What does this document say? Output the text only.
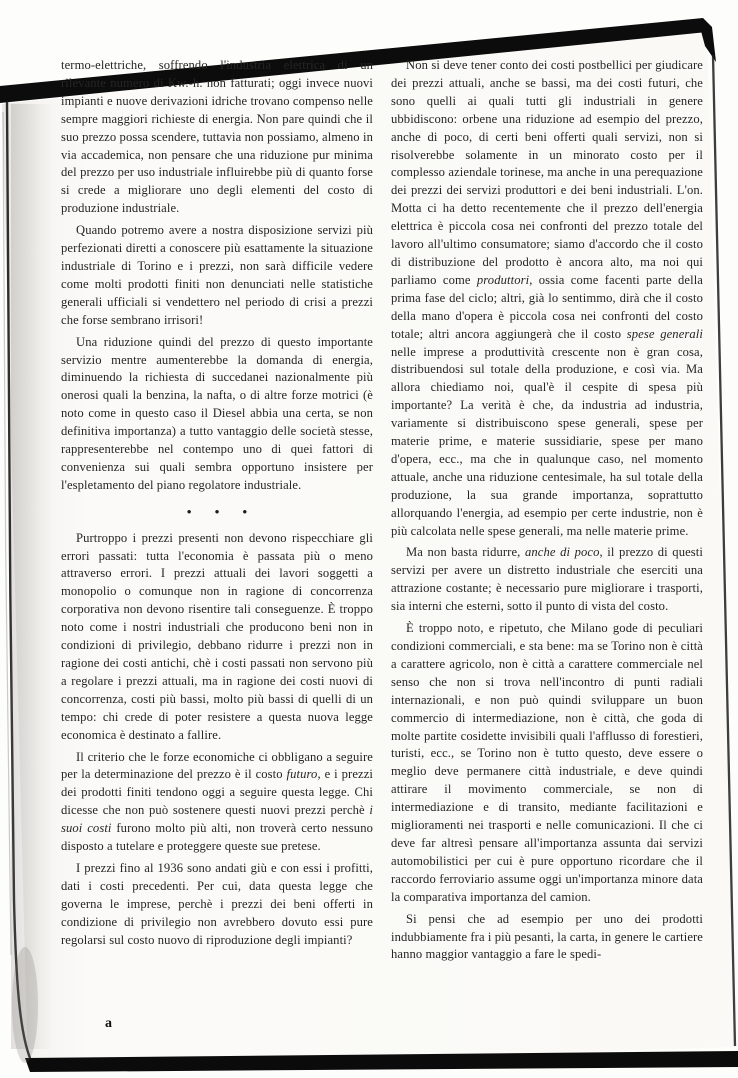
termo-elettriche, soffrendo l'industria elettrica di un rilevante numero di Kw.-h. non fatturati; oggi invece nuovi impianti e nuove derivazioni idriche trovano compenso nelle sempre maggiori richieste di energia. Non pare quindi che il suo prezzo possa scendere, tuttavia non possiamo, almeno in via accademica, non pensare che una riduzione pur minima del prezzo per uso industriale influirebbe più di quanto forse si crede a migliorare uno degli elementi del costo di produzione industriale.

Quando potremo avere a nostra disposizione servizi più perfezionati diretti a conoscere più esattamente la situazione industriale di Torino e i prezzi, non sarà difficile vedere come molti prodotti finiti non denunciati nelle statistiche generali ufficiali si vendettero nel periodo di crisi a prezzi che forse sembrano irrisori!

Una riduzione quindi del prezzo di questo importante servizio mentre aumenterebbe la domanda di energia, diminuendo la richiesta di succedanei nazionalmente più onerosi quali la benzina, la nafta, o di altre forze motrici (è noto come in questo caso il Diesel abbia una certa, se non definitiva importanza) a tutto vantaggio delle società stesse, rappresenterebbe nel contempo uno di quei fattori di convenienza sui quali sembra opportuno insistere per l'espletamento del piano regolatore industriale.

• • •

Purtroppo i prezzi presenti non devono rispecchiare gli errori passati: tutta l'economia è passata più o meno attraverso errori. I prezzi attuali dei lavori soggetti a monopolio o comunque non in ragione di concorrenza corporativa non devono risentire tali conseguenze. È troppo noto come i nostri industriali che producono beni non in condizioni di privilegio, debbano ridurre i prezzi non in ragione dei costi antichi, chè i costi passati non servono più a regolare i prezzi attuali, ma in ragione dei costi nuovi di concorrenza, costi più bassi, molto più bassi di quelli di un tempo: chi crede di poter resistere a questa nuova legge economica è destinato a fallire.

Il criterio che le forze economiche ci obbligano a seguire per la determinazione del prezzo è il costo futuro, e i prezzi dei prodotti finiti tendono oggi a seguire questa legge. Chi dicesse che non può sostenere questi nuovi prezzi perchè i suoi costi furono molto più alti, non troverà certo nessuno disposto a tutelare e proteggere queste sue pretese.

I prezzi fino al 1936 sono andati giù e con essi i profitti, dati i costi precedenti. Per cui, data questa legge che governa le imprese, perchè i prezzi dei beni offerti in condizione di privilegio non avrebbero dovuto essi pure regolarsi sul costo nuovo di riproduzione degli impianti?

Non si deve tener conto dei costi postbellici per giudicare dei prezzi attuali, anche se bassi, ma dei costi futuri, che sono quelli ai quali tutti gli industriali in genere ubbidiscono: orbene una riduzione ad esempio del prezzo, anche di poco, di certi beni offerti quali servizi, non si risolverebbe solamente in un minorato costo per il complesso aziendale torinese, ma anche in una perequazione dei prezzi dei servizi produttori e dei beni industriali. L'on. Motta ci ha detto recentemente che il prezzo dell'energia elettrica è piccola cosa nei confronti del prezzo totale del lavoro all'ultimo consumatore; siamo d'accordo che il costo di distribuzione del prodotto è ancora alto, ma noi qui parliamo come produttori, ossia come facenti parte della prima fase del ciclo; altri, già lo sentimmo, dirà che il costo della mano d'opera è piccola cosa nei confronti del costo totale; altri ancora aggiungerà che il costo spese generali nelle imprese a produttività crescente non è gran cosa, distribuendosi sul totale della produzione, e così via. Ma allora chiediamo noi, qual'è il cespite di spesa più importante? La verità è che, da industria ad industria, variamente si distribuiscono spese generali, spese per materie prime, e materie sussidiarie, spese per mano d'opera, ecc., ma che in qualunque caso, nel momento attuale, anche una riduzione centesimale, ha sul totale della produzione, la sua grande importanza, soprattutto allorquando l'energia, ad esempio per certe industrie, non è più calcolata nelle spese generali, ma nelle materie prime.

Ma non basta ridurre, anche di poco, il prezzo di questi servizi per avere un distretto industriale che eserciti una attrazione costante; è necessario pure migliorare i trasporti, sia interni che esterni, sotto il punto di vista del costo.

È troppo noto, e ripetuto, che Milano gode di peculiari condizioni commerciali, e sta bene: ma se Torino non è città a carattere agricolo, non è città a carattere commerciale nel senso che non si trova nell'incontro di punti radiali internazionali, e non può quindi sviluppare un buon commercio di intermediazione, non è città, che goda di molte partite cosidette invisibili quali l'afflusso di forestieri, turisti, ecc., se Torino non è tutto questo, deve essere o meglio deve permanere città industriale, e deve quindi attirare il movimento commerciale, se non di intermediazione e di transito, mediante facilitazioni e miglioramenti nei trasporti e nelle comunicazioni. Il che ci deve far altresì pensare all'importanza assunta dai servizi automobilistici per cui è pure opportuno ricordare che il raccordo ferroviario assume oggi un'importanza minore data la comparativa importanza del camion.

Si pensi che ad esempio per uno dei prodotti indubbiamente fra i più pesanti, la carta, in genere le cartiere hanno maggior vantaggio a fare le spedi-

a
